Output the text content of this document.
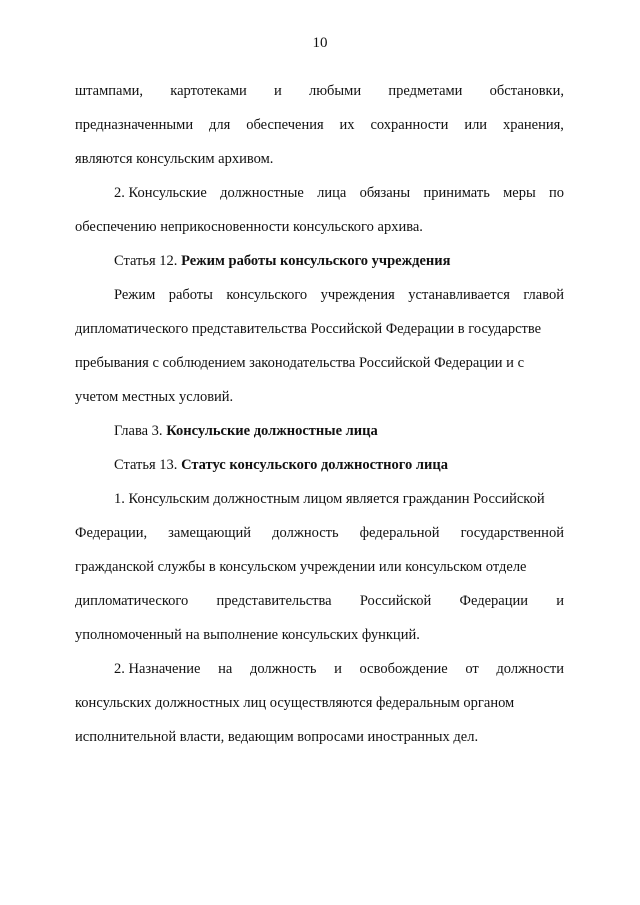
10
штампами, картотеками и любыми предметами обстановки,
предназначенными для обеспечения их сохранности или хранения,
являются консульским архивом.
2. Консульские должностные лица обязаны принимать меры по
обеспечению неприкосновенности консульского архива.
Статья 12. Режим работы консульского учреждения
Режим работы консульского учреждения устанавливается главой
дипломатического представительства Российской Федерации в государстве
пребывания с соблюдением законодательства Российской Федерации и с
учетом местных условий.
Глава 3. Консульские должностные лица
Статья 13. Статус консульского должностного лица
1. Консульским должностным лицом является гражданин Российской
Федерации, замещающий должность федеральной государственной
гражданской службы в консульском учреждении или консульском отделе
дипломатического представительства Российской Федерации и
уполномоченный на выполнение консульских функций.
2. Назначение на должность и освобождение от должности
консульских должностных лиц осуществляются федеральным органом
исполнительной власти, ведающим вопросами иностранных дел.
